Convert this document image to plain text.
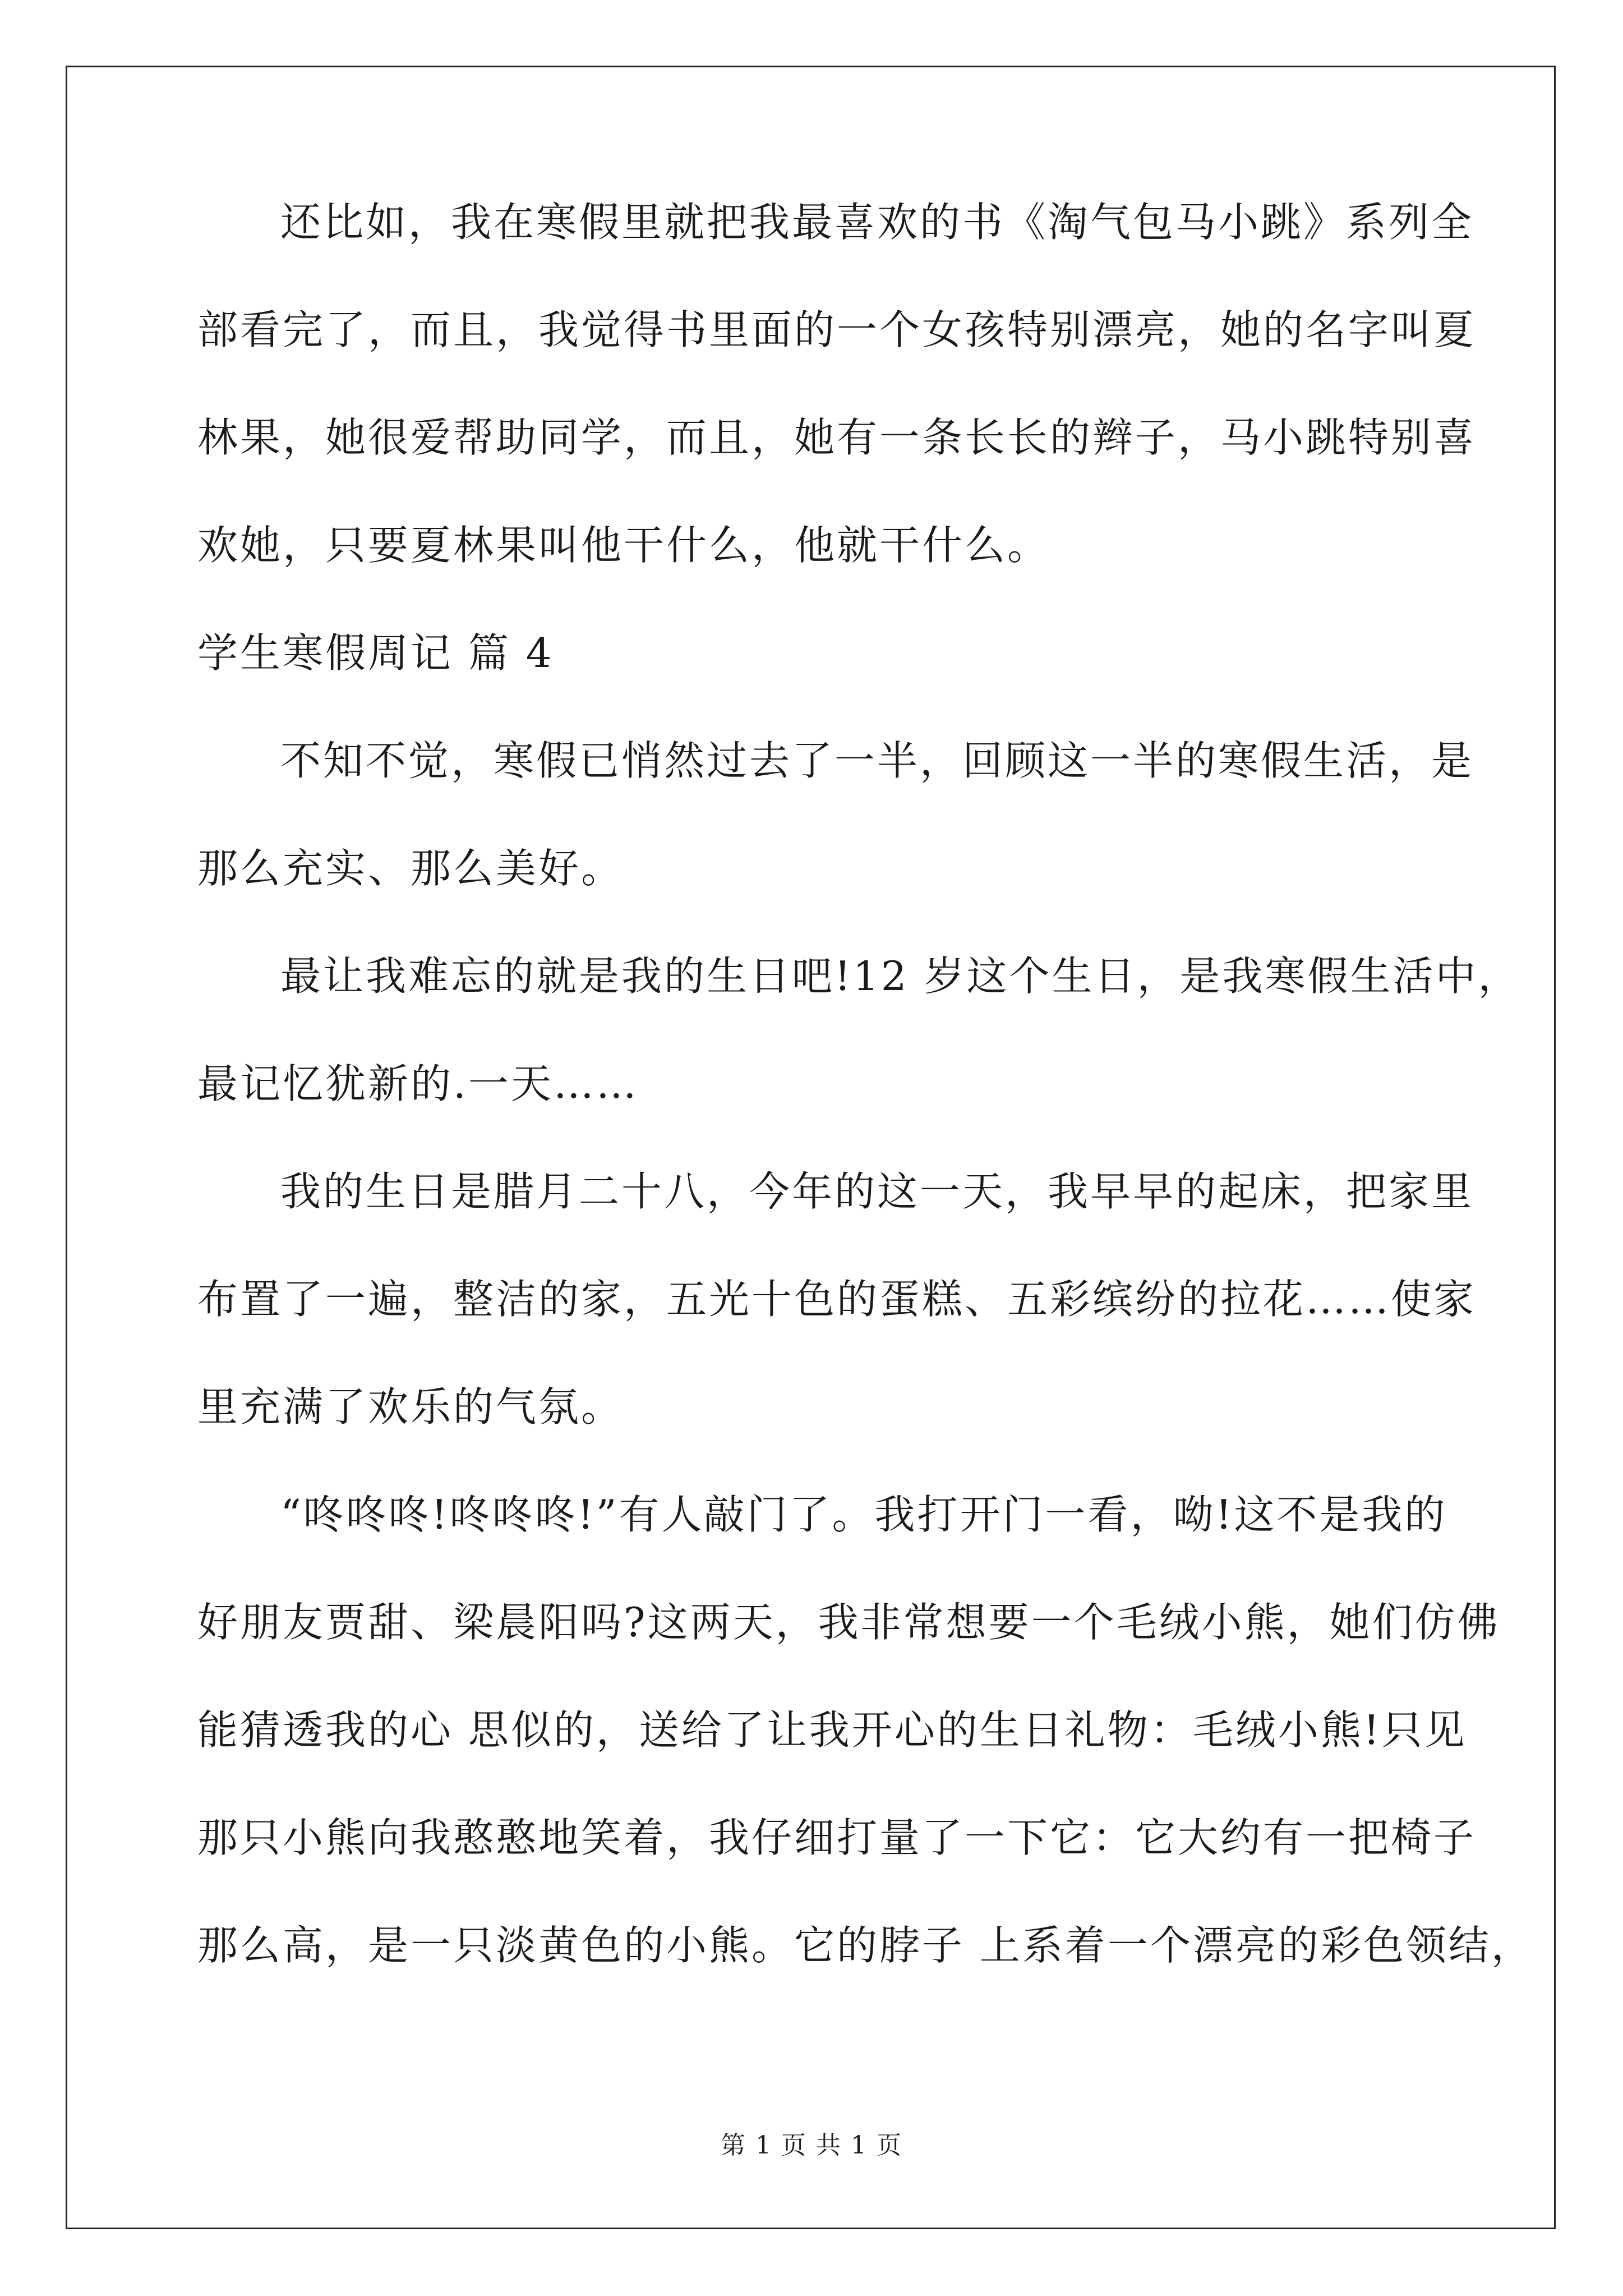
还比如，我在寒假里就把我最喜欢的书《淘气包马小跳》系列全
部看完了，而且，我觉得书里面的一个女孩特别漂亮，她的名字叫夏
林果，她很爱帮助同学，而且，她有一条长长的辫子，马小跳特别喜
欢她，只要夏林果叫他干什么，他就干什么。
学生寒假周记 篇 4
不知不觉，寒假已悄然过去了一半，回顾这一半的寒假生活，是
那么充实、那么美好。
最让我难忘的就是我的生日吧!12 岁这个生日，是我寒假生活中，
最记忆犹新的.一天……
我的生日是腊月二十八，今年的这一天，我早早的起床，把家里
布置了一遍，整洁的家，五光十色的蛋糕、五彩缤纷的拉花……使家
里充满了欢乐的气氛。
“咚咚咚!咚咚咚!”有人敲门了。我打开门一看，呦!这不是我的
好朋友贾甜、梁晨阳吗?这两天，我非常想要一个毛绒小熊，她们仿佛
能猜透我的心 思似的，送给了让我开心的生日礼物：毛绒小熊!只见
那只小熊向我憨憨地笑着，我仔细打量了一下它：它大约有一把椅子
那么高，是一只淡黄色的小熊。它的脖子 上系着一个漂亮的彩色领结，
第 1 页 共 1 页
